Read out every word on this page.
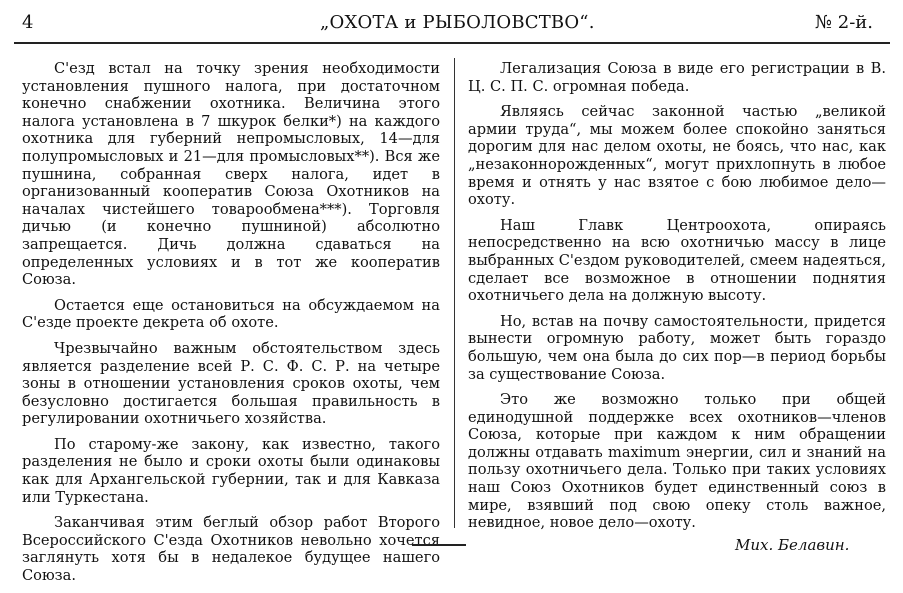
4	„ОХОТА и РЫБОЛОВСТВО“.	№ 2-й.

С'езд встал на точку зрения необходимости установления пушного налога, при достаточном конечно снабжении охотника. Величина этого налога установлена в 7 шкурок белки*) на каждого охотника для губерний непромысловых, 14—для полупромысловых и 21—для промысловых**). Вся же пушнина, собранная сверх налога, идет в организованный кооператив Союза Охотников на началах чистейшего товарообмена***). Торговля дичью (и конечно пушниной) абсолютно запрещается. Дичь должна сдаваться на определенных условиях и в тот же кооператив Союза.

Остается еще остановиться на обсуждаемом на С'езде проекте декрета об охоте.

Чрезвычайно важным обстоятельством здесь является разделение всей Р. С. Ф. С. Р. на четыре зоны в отношении установления сроков охоты, чем безусловно достигается большая правильность в регулировании охотничьего хозяйства.

По старому-же закону, как известно, такого разделения не было и сроки охоты были одинаковы как для Архангельской губернии, так и для Кавказа или Туркестана.

Заканчивая этим беглый обзор работ Второго Всероссийского С'езда Охотников невольно хочется заглянуть хотя бы в недалекое будущее нашего Союза.

Легализация Союза в виде его регистрации в В. Ц. С. П. С. огромная победа.

Являясь сейчас законной частью „великой армии труда“, мы можем более спокойно заняться дорогим для нас делом охоты, не боясь, что нас, как „незаконнорожденных“, могут прихлопнуть в любое время и отнять у нас взятое с бою любимое дело—охоту.

Наш Главк Центроохота, опираясь непосредственно на всю охотничью массу в лице выбранных С'ездом руководителей, смеем надеяться, сделает все возможное в отношении поднятия охотничьего дела на должную высоту.

Но, встав на почву самостоятельности, придется вынести огромную работу, может быть гораздо большую, чем она была до сих пор—в период борьбы за существование Союза.

Это же возможно только при общей единодушной поддержке всех охотников—членов Союза, которые при каждом к ним обращении должны отдавать maximum энергии, сил и знаний на пользу охотничьего дела. Только при таких условиях наш Союз Охотников будет единственный союз в мире, взявший под свою опеку столь важное, невидное, новое дело—охоту.

Мих. Белавин.
